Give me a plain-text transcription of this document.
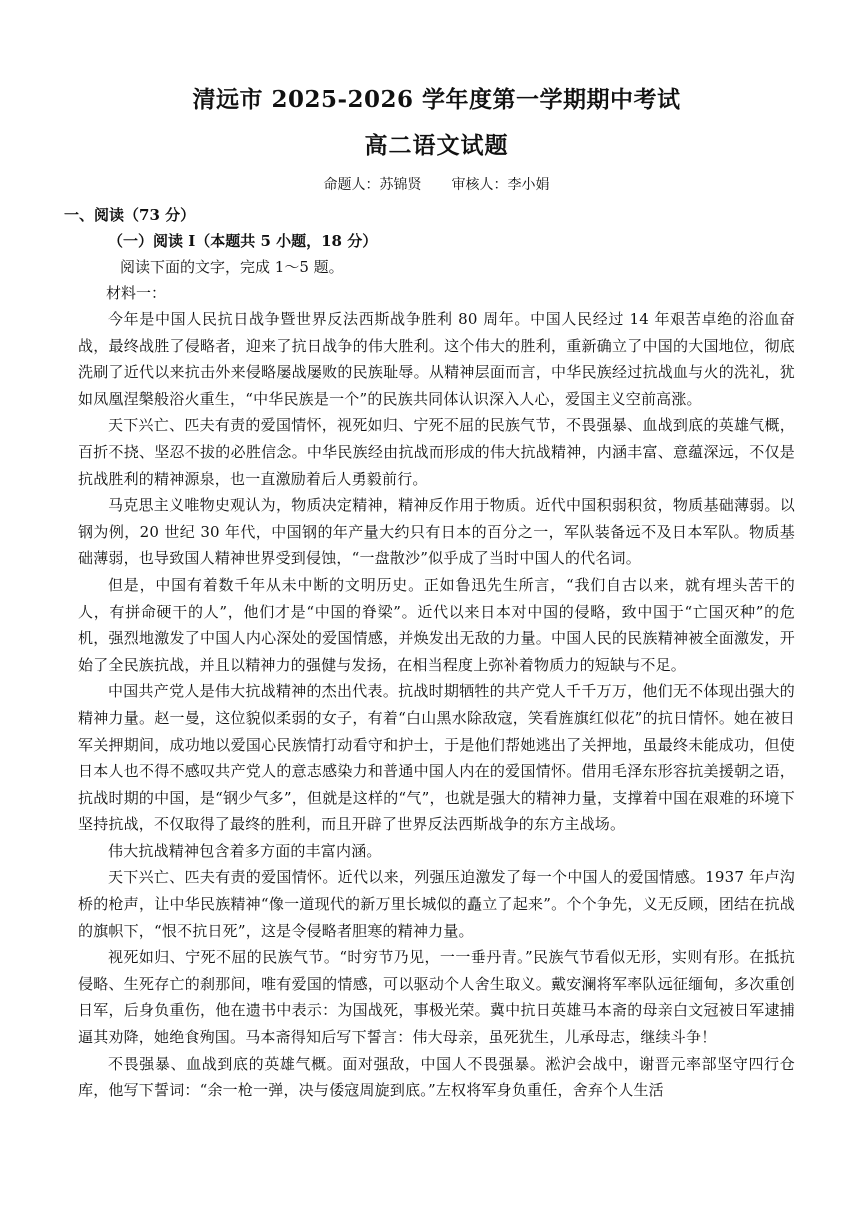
清远市 2025-2026 学年度第一学期期中考试
高二语文试题
命题人：苏锦贤 审核人：李小娟
一、阅读（73 分）
（一）阅读 I（本题共 5 小题，18 分）
阅读下面的文字，完成 1～5 题。
材料一：

今年是中国人民抗日战争暨世界反法西斯战争胜利 80 周年。中国人民经过 14 年艰苦卓绝的浴血奋战，最终战胜了侵略者，迎来了抗日战争的伟大胜利。这个伟大的胜利，重新确立了中国的大国地位，彻底洗刷了近代以来抗击外来侵略屡战屡败的民族耻辱。从精神层面而言，中华民族经过抗战血与火的洗礼，犹如凤凰涅槃般浴火重生，“中华民族是一个”的民族共同体认识深入人心，爱国主义空前高涨。

天下兴亡、匹夫有责的爱国情怀，视死如归、宁死不屈的民族气节，不畏强暴、血战到底的英雄气概，百折不挠、坚忍不拔的必胜信念。中华民族经由抗战而形成的伟大抗战精神，内涵丰富、意蕴深远，不仅是抗战胜利的精神源泉，也一直激励着后人勇毅前行。

马克思主义唯物史观认为，物质决定精神，精神反作用于物质。近代中国积弱积贫，物质基础薄弱。以钢为例，20 世纪 30 年代，中国钢的年产量大约只有日本的百分之一，军队装备远不及日本军队。物质基础薄弱，也导致国人精神世界受到侵蚀，“一盘散沙”似乎成了当时中国人的代名词。

但是，中国有着数千年从未中断的文明历史。正如鲁迅先生所言，“我们自古以来，就有埋头苦干的人，有拼命硬干的人”，他们才是“中国的脊梁”。近代以来日本对中国的侵略，致中国于“亡国灭种”的危机，强烈地激发了中国人内心深处的爱国情感，并焕发出无敌的力量。中国人民的民族精神被全面激发，开始了全民族抗战，并且以精神力的强健与发扬，在相当程度上弥补着物质力的短缺与不足。

中国共产党人是伟大抗战精神的杰出代表。抗战时期牺牲的共产党人千千万万，他们无不体现出强大的精神力量。赵一曼，这位貌似柔弱的女子，有着“白山黑水除敌寇，笑看旌旗红似花”的抗日情怀。她在被日军关押期间，成功地以爱国心民族情打动看守和护士，于是他们帮她逃出了关押地，虽最终未能成功，但使日本人也不得不感叹共产党人的意志感染力和普通中国人内在的爱国情怀。借用毛泽东形容抗美援朝之语，抗战时期的中国，是“钢少气多”，但就是这样的“气”，也就是强大的精神力量，支撑着中国在艰难的环境下坚持抗战，不仅取得了最终的胜利，而且开辟了世界反法西斯战争的东方主战场。

伟大抗战精神包含着多方面的丰富内涵。

天下兴亡、匹夫有责的爱国情怀。近代以来，列强压迫激发了每一个中国人的爱国情感。1937 年卢沟桥的枪声，让中华民族精神“像一道现代的新万里长城似的矗立了起来”。个个争先，义无反顾，团结在抗战的旗帜下，“恨不抗日死”，这是令侵略者胆寒的精神力量。

视死如归、宁死不屈的民族气节。“时穷节乃见，一一垂丹青。”民族气节看似无形，实则有形。在抵抗侵略、生死存亡的刹那间，唯有爱国的情感，可以驱动个人舍生取义。戴安澜将军率队远征缅甸，多次重创日军，后身负重伤，他在遗书中表示：为国战死，事极光荣。冀中抗日英雄马本斋的母亲白文冠被日军逮捕逼其劝降，她绝食殉国。马本斋得知后写下誓言：伟大母亲，虽死犹生，儿承母志，继续斗争！

不畏强暴、血战到底的英雄气概。面对强敌，中国人不畏强暴。淞沪会战中，谢晋元率部坚守四行仓库，他写下誓词：“余一枪一弹，决与倭寇周旋到底。”左权将军身负重任，舍弃个人生活
